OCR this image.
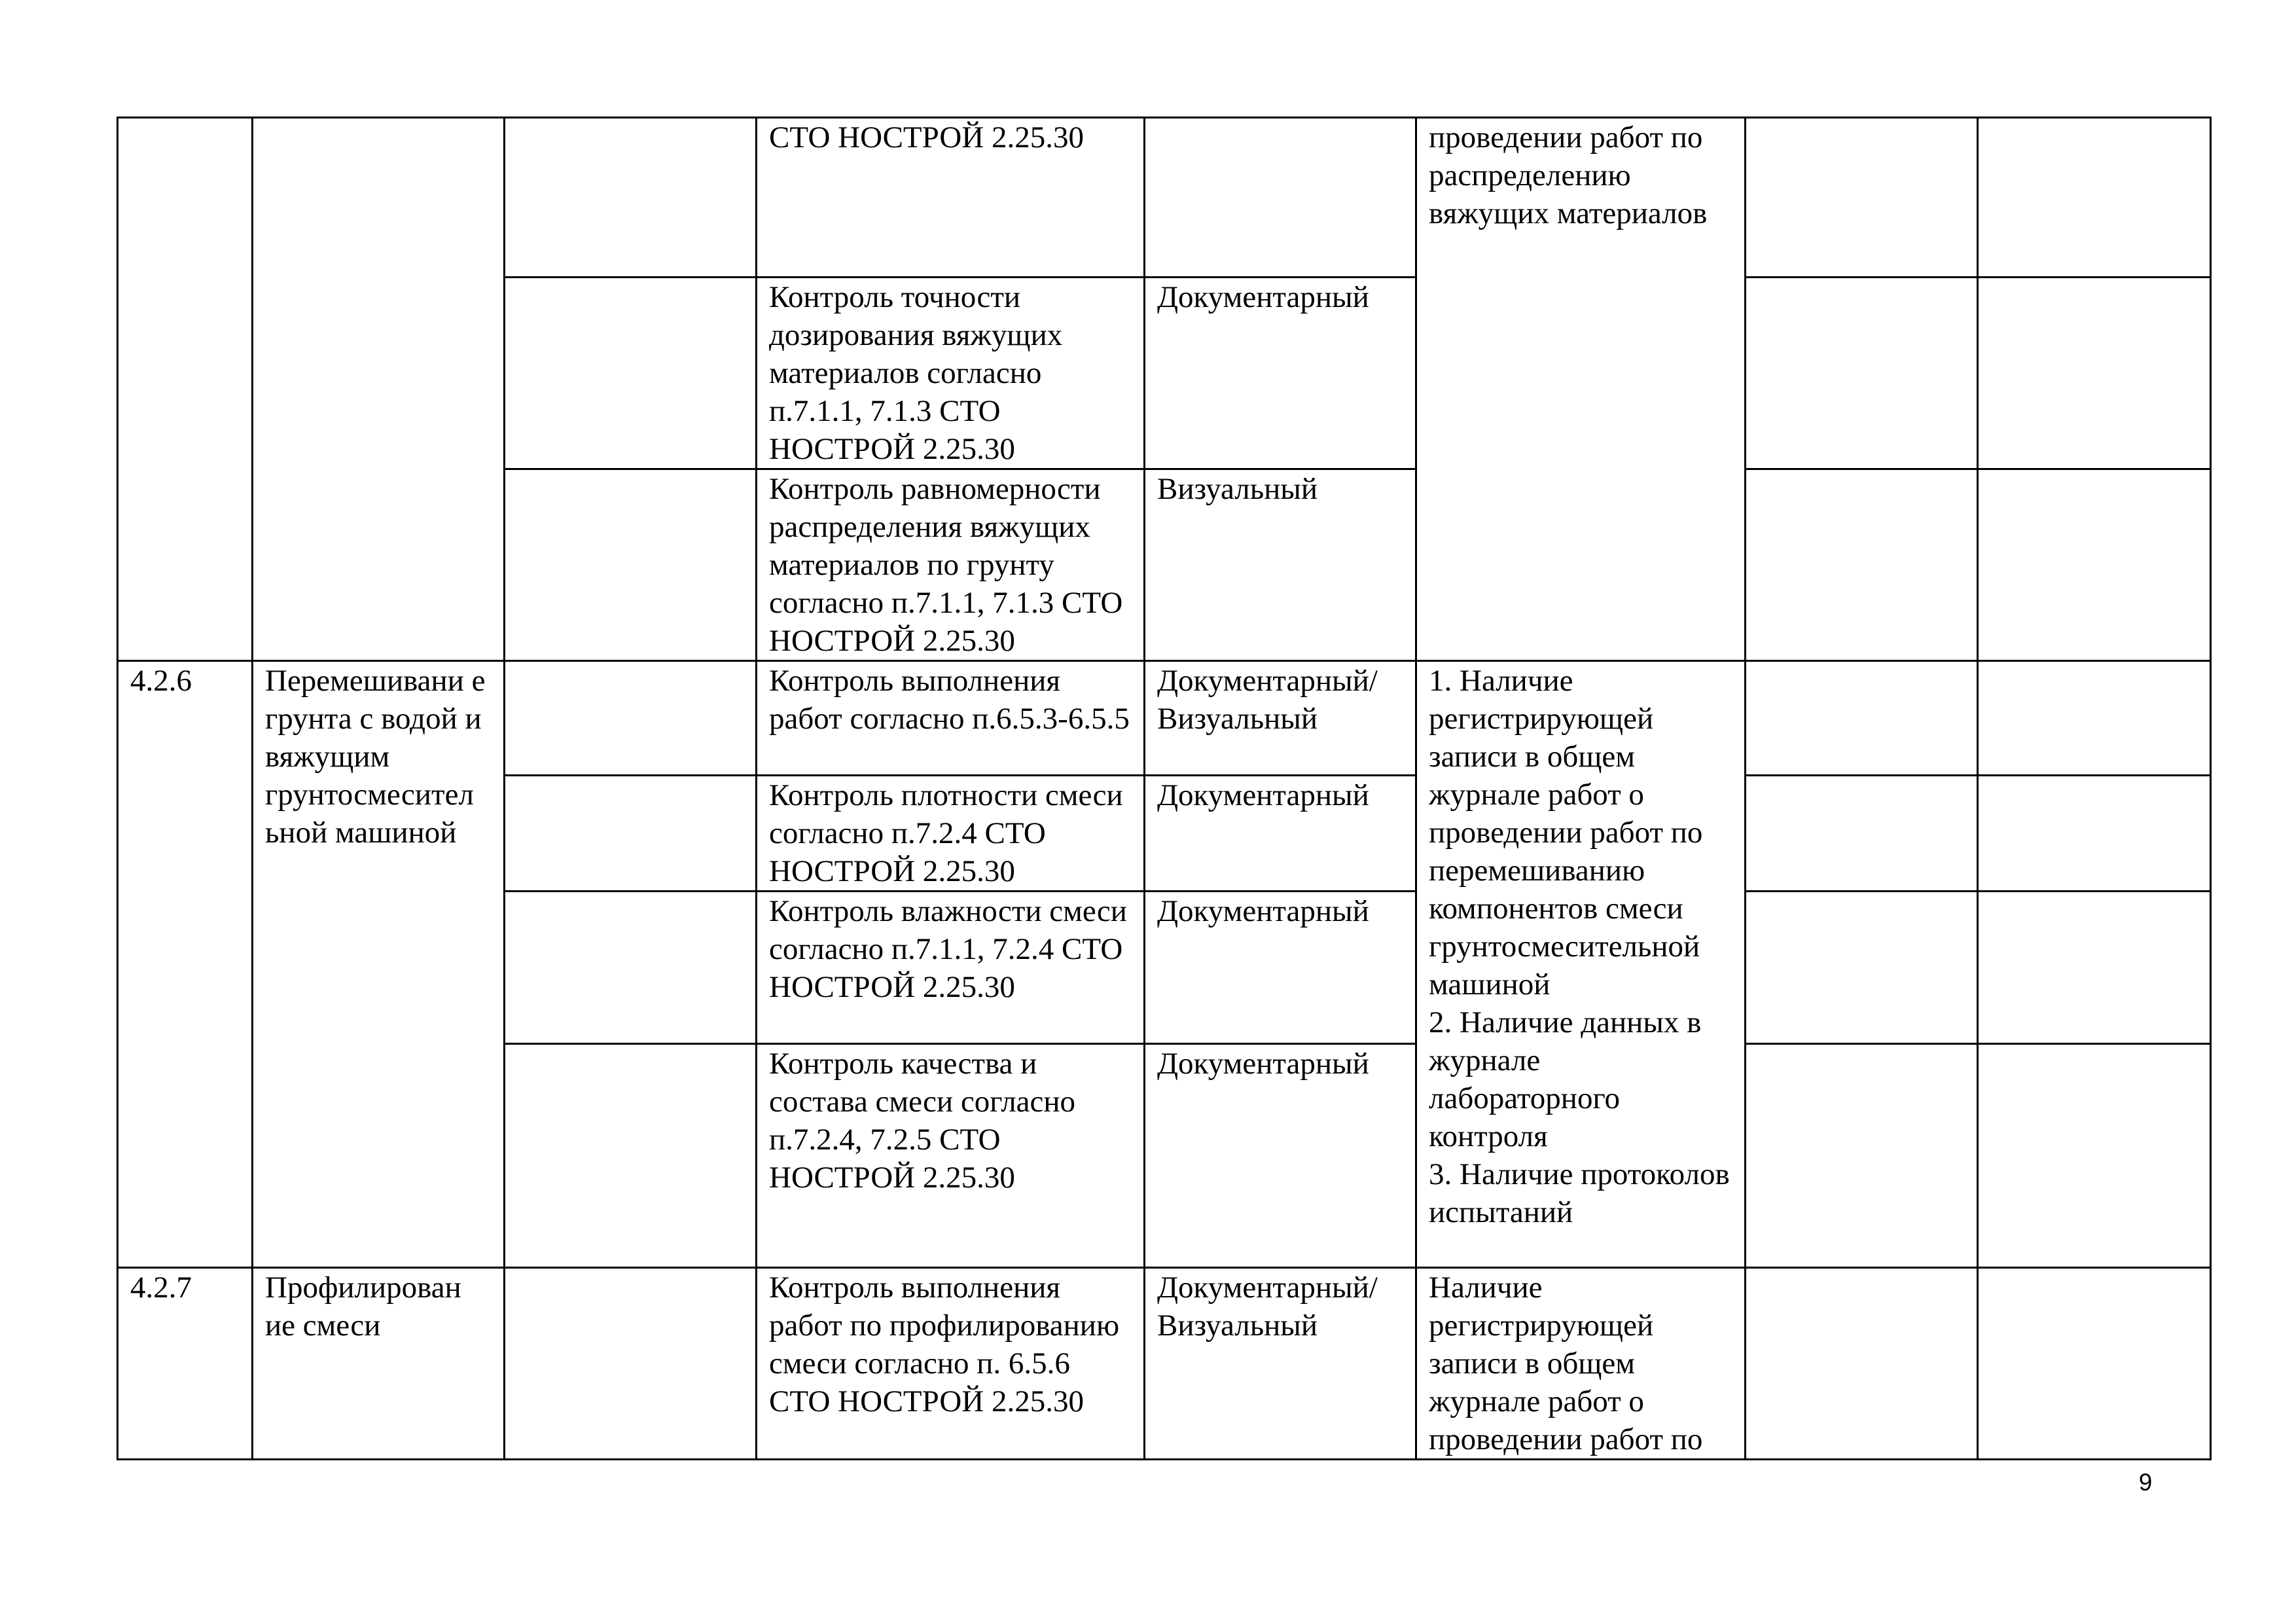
			СТО НОСТРОЙ 2.25.30		проведении работ по распределению вяжущих материалов		
			Контроль точности дозирования вяжущих материалов согласно п.7.1.1, 7.1.3 СТО НОСТРОЙ 2.25.30	Документарный			
			Контроль равномерности распределения вяжущих материалов по грунту согласно п.7.1.1, 7.1.3 СТО НОСТРОЙ 2.25.30	Визуальный			
4.2.6	Перемешивани е грунта с водой и вяжущим грунтосмесител ьной машиной		Контроль выполнения работ согласно п.6.5.3-6.5.5	Документарный/ Визуальный	1. Наличие регистрирующей записи в общем журнале работ о проведении работ по перемешиванию компонентов смеси грунтосмесительной машиной
2. Наличие данных в журнале лабораторного контроля
3. Наличие протоколов испытаний		
			Контроль плотности смеси согласно п.7.2.4 СТО НОСТРОЙ 2.25.30	Документарный			
			Контроль влажности смеси согласно п.7.1.1, 7.2.4 СТО НОСТРОЙ 2.25.30	Документарный			
			Контроль качества и состава смеси согласно п.7.2.4, 7.2.5 СТО НОСТРОЙ 2.25.30	Документарный			
4.2.7	Профилирован ие смеси		Контроль выполнения работ по профилированию смеси согласно п. 6.5.6 СТО НОСТРОЙ 2.25.30	Документарный/ Визуальный	Наличие регистрирующей записи в общем журнале работ о проведении работ по		
9
